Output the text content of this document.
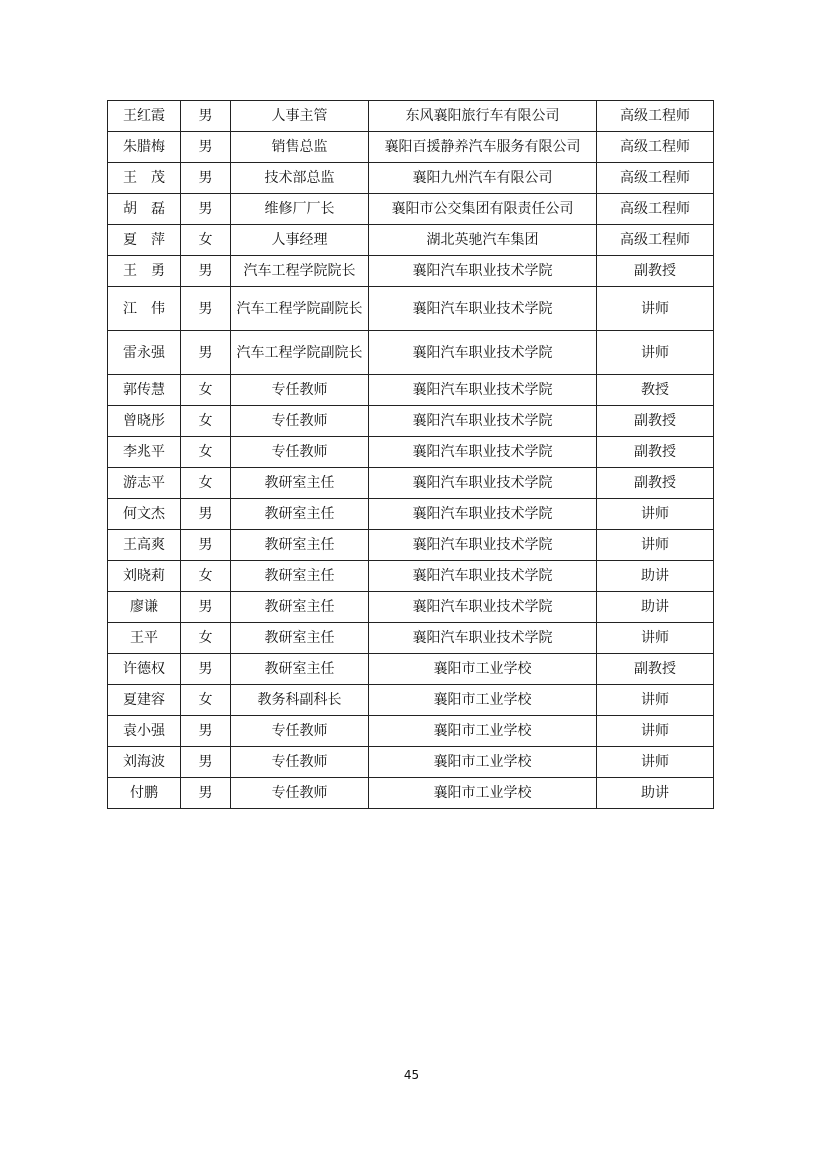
王红霞	男	人事主管	东风襄阳旅行车有限公司	高级工程师
朱腊梅	男	销售总监	襄阳百援静养汽车服务有限公司	高级工程师
王　茂	男	技术部总监	襄阳九州汽车有限公司	高级工程师
胡　磊	男	维修厂厂长	襄阳市公交集团有限责任公司	高级工程师
夏　萍	女	人事经理	湖北英驰汽车集团	高级工程师
王　勇	男	汽车工程学院院长	襄阳汽车职业技术学院	副教授
江　伟	男	汽车工程学院副院长	襄阳汽车职业技术学院	讲师
雷永强	男	汽车工程学院副院长	襄阳汽车职业技术学院	讲师
郭传慧	女	专任教师	襄阳汽车职业技术学院	教授
曾晓彤	女	专任教师	襄阳汽车职业技术学院	副教授
李兆平	女	专任教师	襄阳汽车职业技术学院	副教授
游志平	女	教研室主任	襄阳汽车职业技术学院	副教授
何文杰	男	教研室主任	襄阳汽车职业技术学院	讲师
王高爽	男	教研室主任	襄阳汽车职业技术学院	讲师
刘晓莉	女	教研室主任	襄阳汽车职业技术学院	助讲
廖谦	男	教研室主任	襄阳汽车职业技术学院	助讲
王平	女	教研室主任	襄阳汽车职业技术学院	讲师
许德权	男	教研室主任	襄阳市工业学校	副教授
夏建容	女	教务科副科长	襄阳市工业学校	讲师
袁小强	男	专任教师	襄阳市工业学校	讲师
刘海波	男	专任教师	襄阳市工业学校	讲师
付鹏	男	专任教师	襄阳市工业学校	助讲
45
